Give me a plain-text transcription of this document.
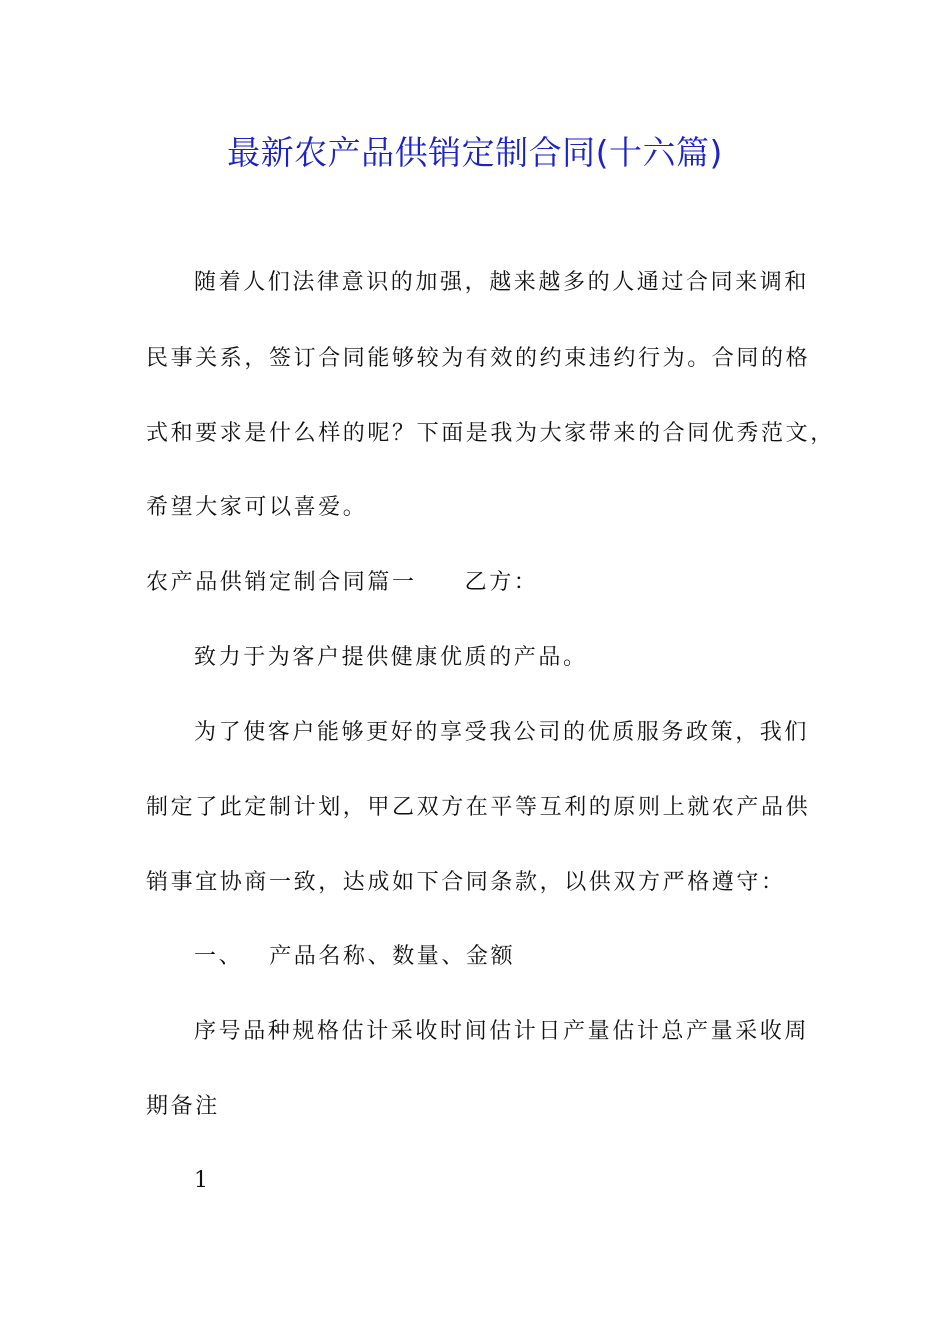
最新农产品供销定制合同(十六篇)
随着人们法律意识的加强，越来越多的人通过合同来调和
民事关系，签订合同能够较为有效的约束违约行为。合同的格
式和要求是什么样的呢？下面是我为大家带来的合同优秀范文，
希望大家可以喜爱。
农产品供销定制合同篇一 乙方：
致力于为客户提供健康优质的产品。
为了使客户能够更好的享受我公司的优质服务政策，我们
制定了此定制计划，甲乙双方在平等互利的原则上就农产品供
销事宜协商一致，达成如下合同条款，以供双方严格遵守：
一、 产品名称、数量、金额
序号品种规格估计采收时间估计日产量估计总产量采收周
期备注
1
